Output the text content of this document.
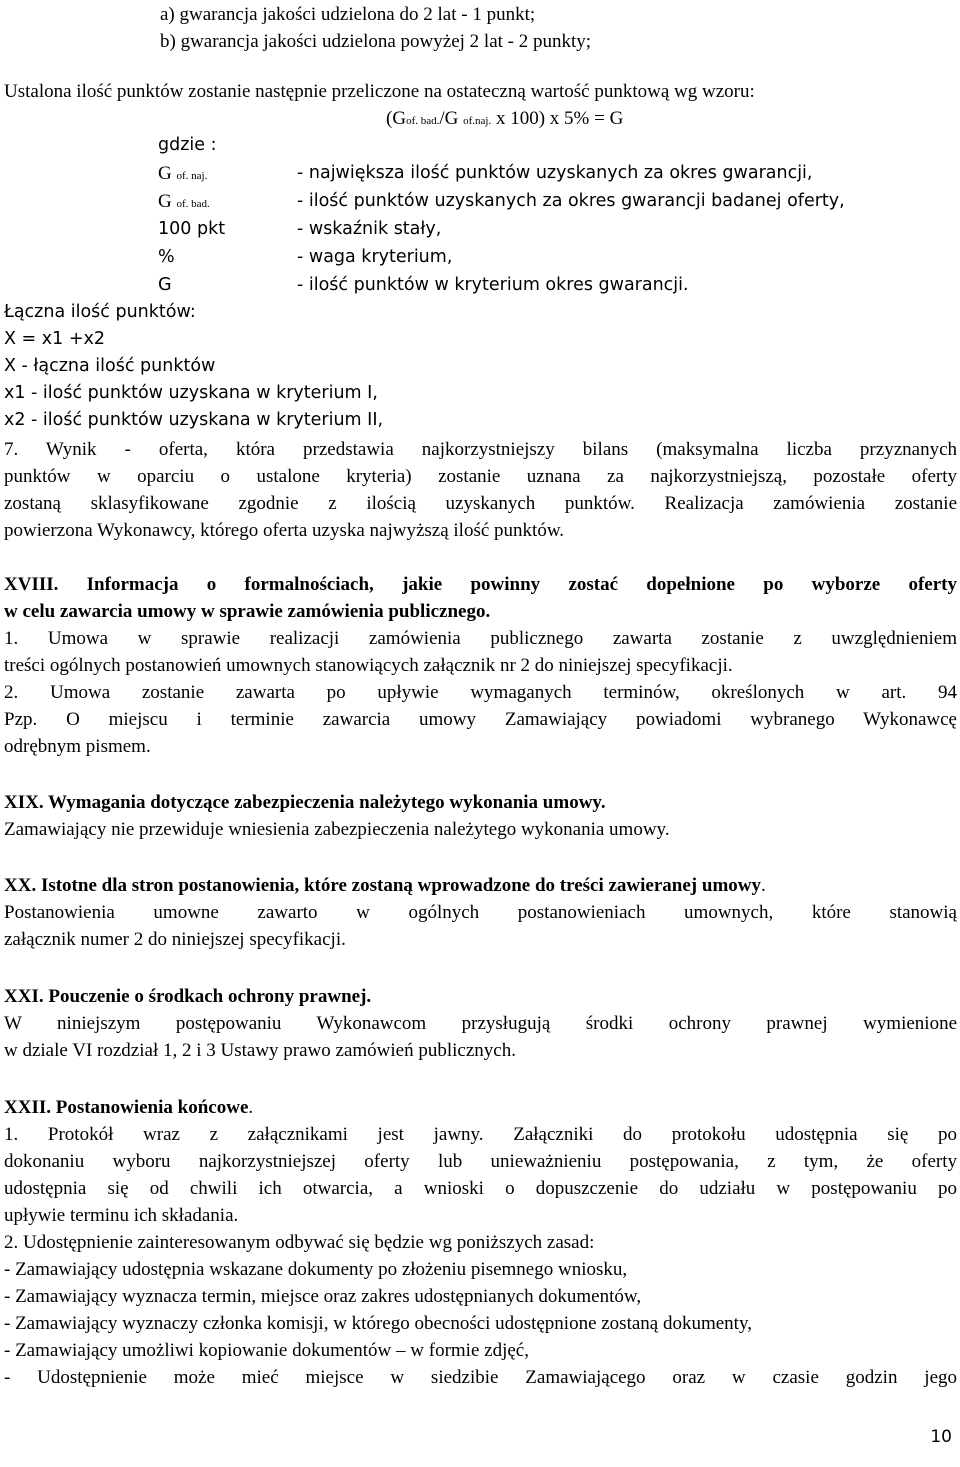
a) gwarancja jakości udzielona do 2 lat - 1 punkt;
b) gwarancja jakości udzielona powyżej 2 lat - 2 punkty;
Ustalona ilość punktów zostanie następnie przeliczone na ostateczną wartość punktową wg wzoru:
(Gof. bad./G of.naj. x 100) x 5% = G
gdzie :
G of. naj.	- największa ilość punktów uzyskanych za okres gwarancji,
G of. bad.	- ilość punktów uzyskanych za okres gwarancji badanej oferty,
100 pkt	- wskaźnik stały,
%	- waga kryterium,
G	- ilość punktów w kryterium okres gwarancji.
Łączna ilość punktów:
X = x1 +x2
X - łączna ilość punktów
x1 - ilość punktów uzyskana w kryterium I,
x2 - ilość punktów uzyskana w kryterium II,
7. Wynik - oferta, która przedstawia najkorzystniejszy bilans (maksymalna liczba przyznanych
punktów w oparciu o ustalone kryteria) zostanie uznana za najkorzystniejszą, pozostałe oferty
zostaną sklasyfikowane zgodnie z ilością uzyskanych punktów. Realizacja zamówienia zostanie
powierzona Wykonawcy, którego oferta uzyska najwyższą ilość punktów.
XVIII. Informacja o formalnościach, jakie powinny zostać dopełnione po wyborze oferty
w celu zawarcia umowy w sprawie zamówienia publicznego.
1. Umowa w sprawie realizacji zamówienia publicznego zawarta zostanie z uwzględnieniem
treści ogólnych postanowień umownych stanowiących załącznik nr 2 do niniejszej specyfikacji.
2. Umowa zostanie zawarta po upływie wymaganych terminów, określonych w art. 94
Pzp. O miejscu i terminie zawarcia umowy Zamawiający powiadomi wybranego Wykonawcę
odrębnym pismem.
XIX. Wymagania dotyczące zabezpieczenia należytego wykonania umowy.
Zamawiający nie przewiduje wniesienia zabezpieczenia należytego wykonania umowy.
XX. Istotne dla stron postanowienia, które zostaną wprowadzone do treści zawieranej umowy.
Postanowienia umowne zawarto w ogólnych postanowieniach umownych, które stanowią
załącznik numer 2 do niniejszej specyfikacji.
XXI. Pouczenie o środkach ochrony prawnej.
W niniejszym postępowaniu Wykonawcom przysługują środki ochrony prawnej wymienione
w dziale VI rozdział 1, 2 i 3 Ustawy prawo zamówień publicznych.
XXII. Postanowienia końcowe.
1. Protokół wraz z załącznikami jest jawny. Załączniki do protokołu udostępnia się po
dokonaniu wyboru najkorzystniejszej oferty lub unieważnieniu postępowania, z tym, że oferty
udostępnia się od chwili ich otwarcia, a wnioski o dopuszczenie do udziału w postępowaniu po
upływie terminu ich składania.
2. Udostępnienie zainteresowanym odbywać się będzie wg poniższych zasad:
- Zamawiający udostępnia wskazane dokumenty po złożeniu pisemnego wniosku,
- Zamawiający wyznacza termin, miejsce oraz zakres udostępnianych dokumentów,
- Zamawiający wyznaczy członka komisji, w którego obecności udostępnione zostaną dokumenty,
- Zamawiający umożliwi kopiowanie dokumentów – w formie zdjęć,
- Udostępnienie może mieć miejsce w siedzibie Zamawiającego oraz w czasie godzin jego
10
